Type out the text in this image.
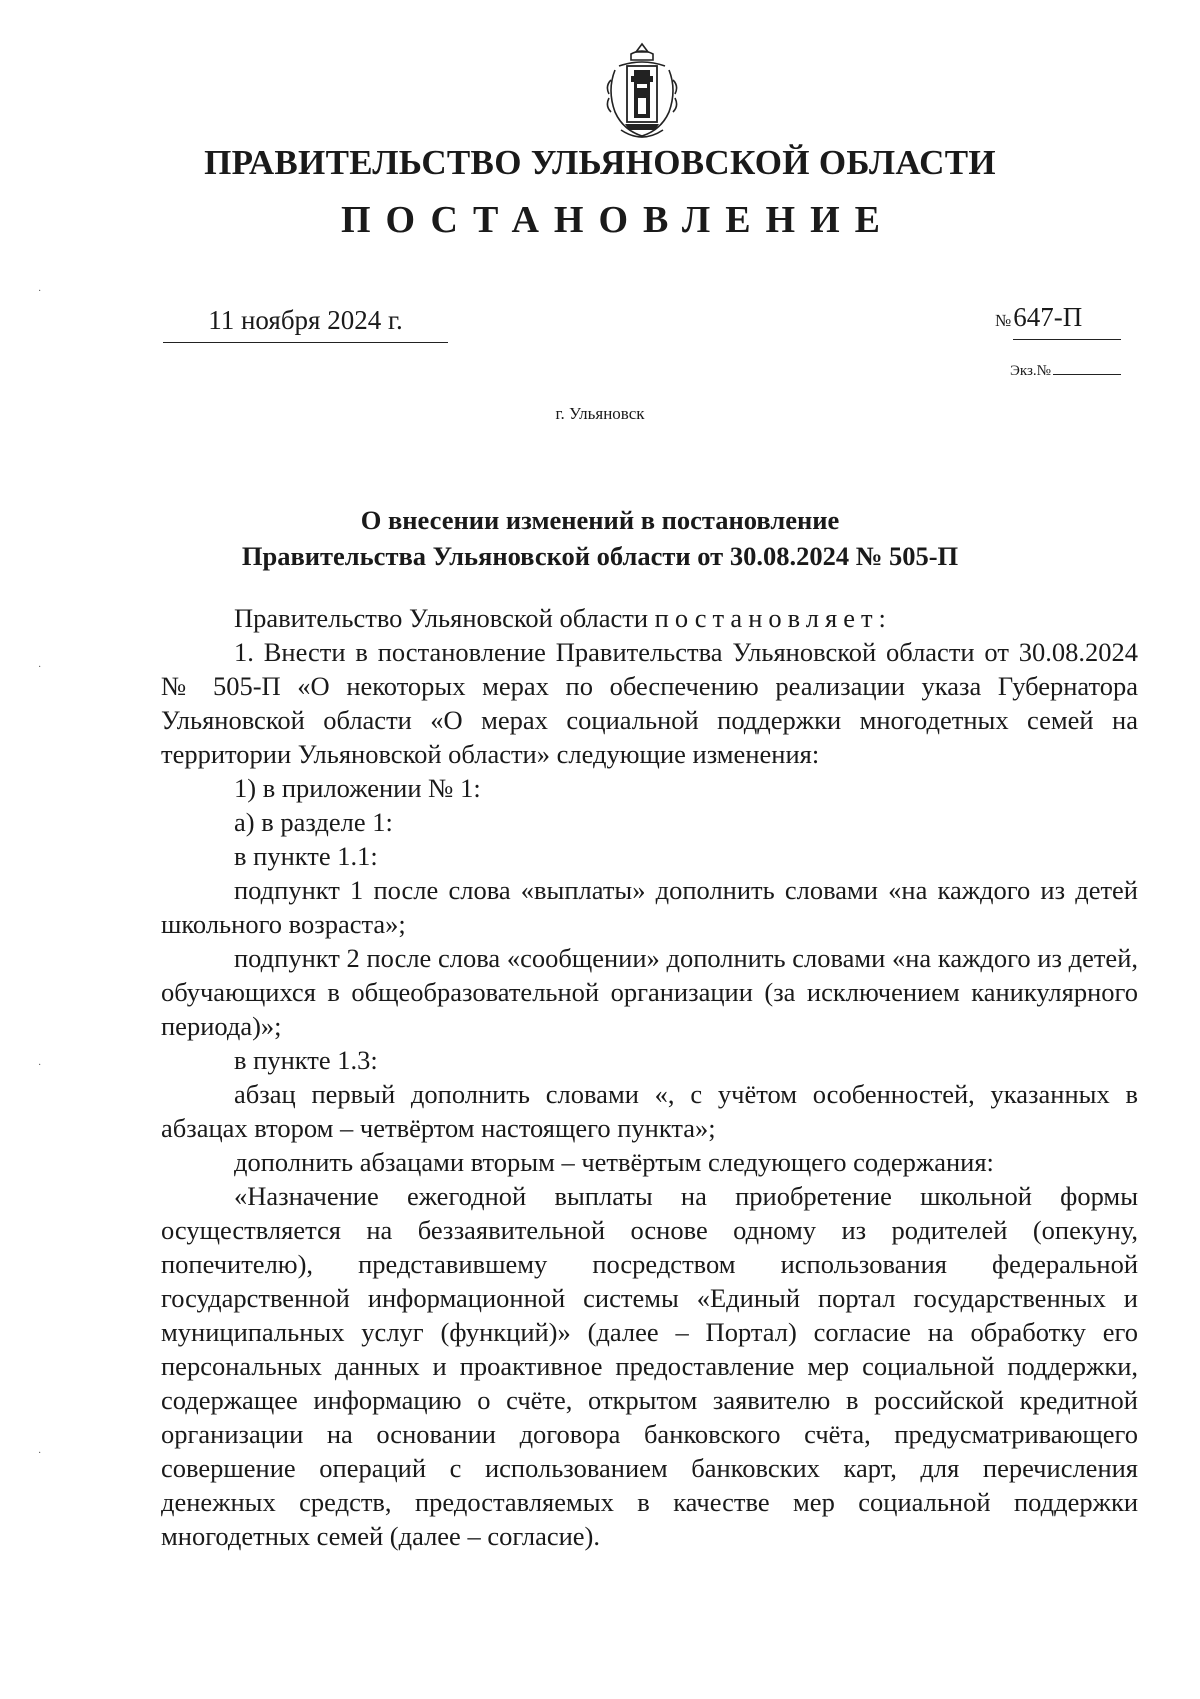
ПРАВИТЕЛЬСТВО УЛЬЯНОВСКОЙ ОБЛАСТИ
ПОСТАНОВЛЕНИЕ
11 ноября 2024 г.	№647-П
Экз.№
г. Ульяновск
О внесении изменений в постановление
Правительства Ульяновской области от 30.08.2024 № 505-П

Правительство Ульяновской области постановляет:

1. Внести в постановление Правительства Ульяновской области от 30.08.2024 № 505-П «О некоторых мерах по обеспечению реализации указа Губернатора Ульяновской области «О мерах социальной поддержки многодетных семей на территории Ульяновской области» следующие изменения:

1) в приложении № 1:

а) в разделе 1:

в пункте 1.1:

подпункт 1 после слова «выплаты» дополнить словами «на каждого из детей школьного возраста»;

подпункт 2 после слова «сообщении» дополнить словами «на каждого из детей, обучающихся в общеобразовательной организации (за исключением каникулярного периода)»;

в пункте 1.3:

абзац первый дополнить словами «, с учётом особенностей, указанных в абзацах втором – четвёртом настоящего пункта»;

дополнить абзацами вторым – четвёртым следующего содержания:

«Назначение ежегодной выплаты на приобретение школьной формы осуществляется на беззаявительной основе одному из родителей (опекуну, попечителю), представившему посредством использования федеральной государственной информационной системы «Единый портал государственных и муниципальных услуг (функций)» (далее – Портал) согласие на обработку его персональных данных и проактивное предоставление мер социальной поддержки, содержащее информацию о счёте, открытом заявителю в российской кредитной организации на основании договора банковского счёта, предусматривающего совершение операций с использованием банковских карт, для перечисления денежных средств, предоставляемых в качестве мер социальной поддержки многодетных семей (далее – согласие).

·
·
·
·
